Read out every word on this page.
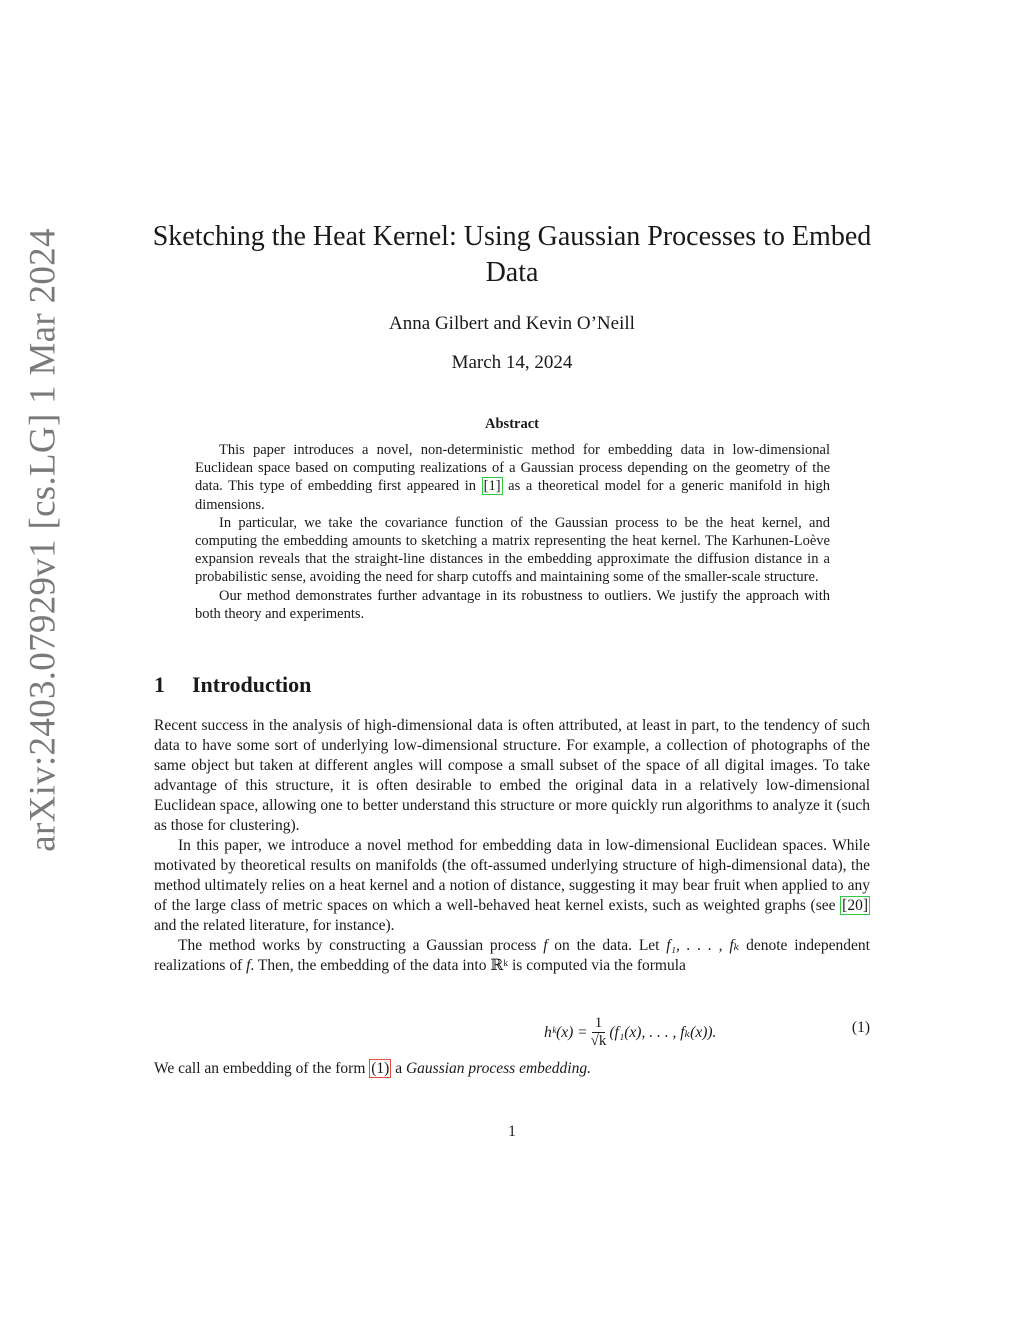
arXiv:2403.07929v1 [cs.LG] 1 Mar 2024	Sketching the Heat Kernel: Using Gaussian Processes to Embed Data
Anna Gilbert and Kevin O’Neill
March 14, 2024
Abstract

This paper introduces a novel, non-deterministic method for embedding data in low-dimensional Euclidean space based on computing realizations of a Gaussian process depending on the geometry of the data. This type of embedding first appeared in [1] as a theoretical model for a generic manifold in high dimensions.

In particular, we take the covariance function of the Gaussian process to be the heat kernel, and computing the embedding amounts to sketching a matrix representing the heat kernel. The Karhunen-Loève expansion reveals that the straight-line distances in the embedding approximate the diffusion distance in a probabilistic sense, avoiding the need for sharp cutoffs and maintaining some of the smaller-scale structure.

Our method demonstrates further advantage in its robustness to outliers. We justify the approach with both theory and experiments.

1 Introduction

Recent success in the analysis of high-dimensional data is often attributed, at least in part, to the tendency of such data to have some sort of underlying low-dimensional structure. For example, a collection of photographs of the same object but taken at different angles will compose a small subset of the space of all digital images. To take advantage of this structure, it is often desirable to embed the original data in a relatively low-dimensional Euclidean space, allowing one to better understand this structure or more quickly run algorithms to analyze it (such as those for clustering).

In this paper, we introduce a novel method for embedding data in low-dimensional Euclidean spaces. While motivated by theoretical results on manifolds (the oft-assumed underlying structure of high-dimensional data), the method ultimately relies on a heat kernel and a notion of distance, suggesting it may bear fruit when applied to any of the large class of metric spaces on which a well-behaved heat kernel exists, such as weighted graphs (see [20] and the related literature, for instance).

The method works by constructing a Gaussian process f on the data. Let f₁, . . . , fₖ denote independent realizations of f. Then, the embedding of the data into ℝᵏ is computed via the formula

hᵏ(x) = $\frac{1}{√k} (f_1(x)$, . . . , fₖ(x)).	(1)
We call an embedding of the form (1) a Gaussian process embedding.
1
